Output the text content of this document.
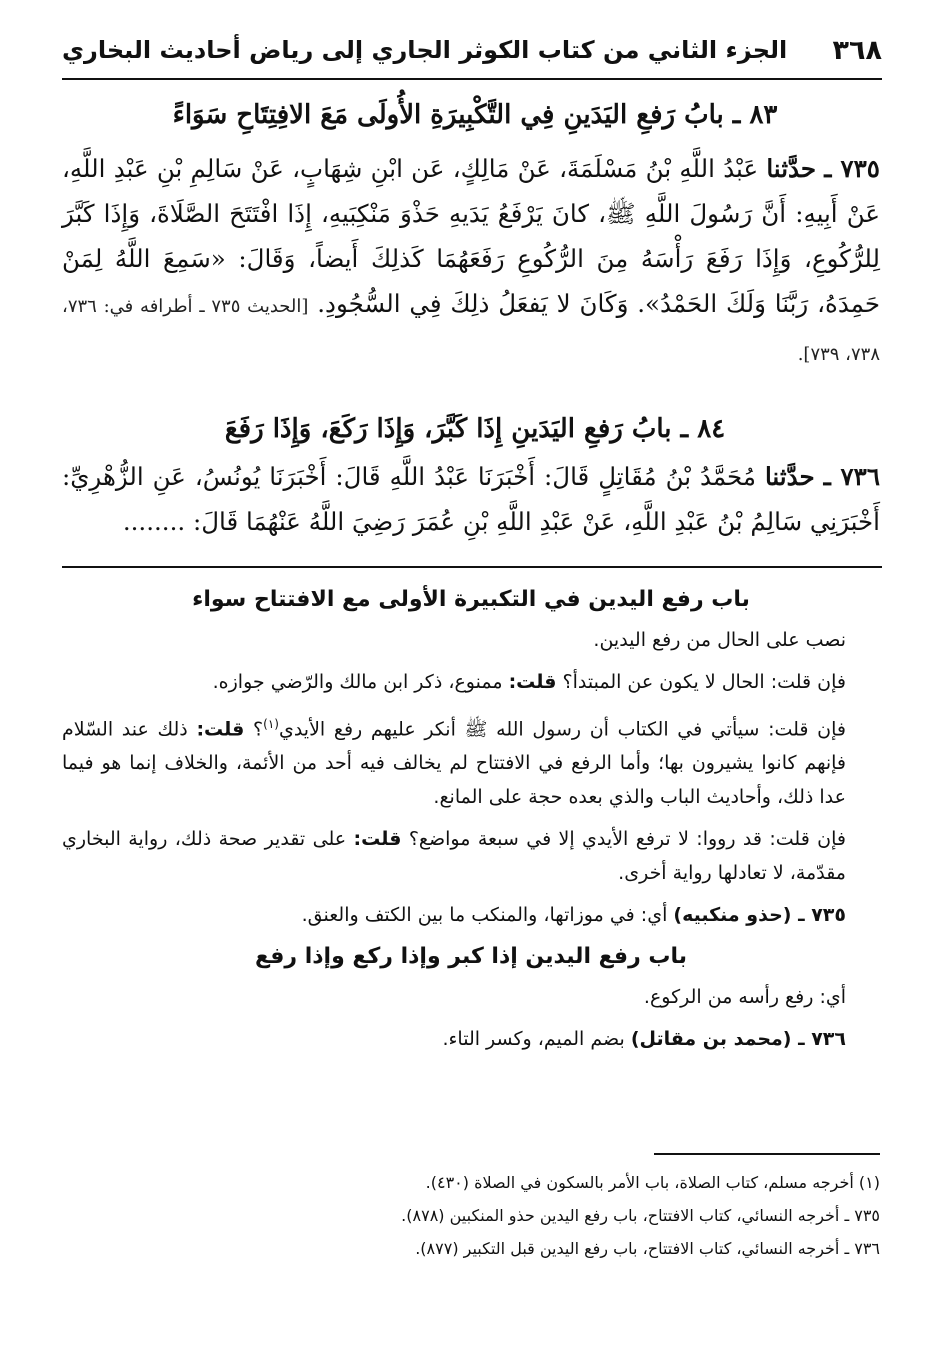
٣٦٨
الجزء الثاني من كتاب الكوثر الجاري إلى رياض أحاديث البخاري
٨٣ ـ بابُ رَفعِ اليَدَينِ فِي التَّكْبِيرَةِ الأُولَى مَعَ الافِتِتَاحِ سَوَاءً
٧٣٥ ـ حدَّثنا عَبْدُ اللَّهِ بْنُ مَسْلَمَةَ، عَنْ مَالِكٍ، عَن ابْنِ شِهَابٍ، عَنْ سَالِمِ بْنِ عَبْدِ اللَّهِ، عَنْ أَبِيهِ: أَنَّ رَسُولَ اللَّهِ ﷺ، كانَ يَرْفَعُ يَدَيهِ حَذْوَ مَنْكِبَيهِ، إِذَا افْتَتَحَ الصَّلَاةَ، وَإِذَا كَبَّرَ لِلرُّكُوعِ، وَإِذَا رَفَعَ رَأْسَهُ مِنَ الرُّكُوعِ رَفَعَهُمَا كَذلِكَ أَيضاً، وَقَالَ: «سَمِعَ اللَّهُ لِمَنْ حَمِدَهُ، رَبَّنَا وَلَكَ الحَمْدُ». وَكَانَ لا يَفعَلُ ذلِكَ فِي السُّجُودِ. [الحديث ٧٣٥ ـ أطرافه في: ٧٣٦، ٧٣٨، ٧٣٩].
٨٤ ـ بابُ رَفعِ اليَدَينِ إِذَا كَبَّرَ، وَإِذَا رَكَعَ، وَإِذَا رَفَعَ
٧٣٦ ـ حدَّثنا مُحَمَّدُ بْنُ مُقَاتِلٍ قَالَ: أَخْبَرَنَا عَبْدُ اللَّهِ قَالَ: أَخْبَرَنَا يُونُسُ، عَنِ الزُّهْرِيِّ: أَخْبَرَنِي سَالِمُ بْنُ عَبْدِ اللَّهِ، عَنْ عَبْدِ اللَّهِ بْنِ عُمَرَ رَضِيَ اللَّهُ عَنْهُمَا قَالَ: ........
باب رفع اليدين في التكبيرة الأولى مع الافتتاح سواء

نصب على الحال من رفع اليدين.

فإن قلت: الحال لا يكون عن المبتدأ؟ قلت: ممنوع، ذكر ابن مالك والرّضي جوازه.

فإن قلت: سيأتي في الكتاب أن رسول الله ﷺ أنكر عليهم رفع الأيدي$^{(١)}$؟ قلت: ذلك عند السّلام فإنهم كانوا يشيرون بها؛ وأما الرفع في الافتتاح لم يخالف فيه أحد من الأئمة، والخلاف إنما هو فيما عدا ذلك، وأحاديث الباب والذي بعده حجة على المانع.

فإن قلت: قد رووا: لا ترفع الأيدي إلا في سبعة مواضع؟ قلت: على تقدير صحة ذلك، رواية البخاري مقدّمة، لا تعادلها رواية أخرى.

٧٣٥ ـ (حذو منكبيه) أي: في موزاتها، والمنكب ما بين الكتف والعنق.

باب رفع اليدين إذا كبر وإذا ركع وإذا رفع

أي: رفع رأسه من الركوع.

٧٣٦ ـ (محمد بن مقاتل) بضم الميم، وكسر التاء.

(١) أخرجه مسلم، كتاب الصلاة، باب الأمر بالسكون في الصلاة (٤٣٠).
٧٣٥ ـ أخرجه النسائي، كتاب الافتتاح، باب رفع اليدين حذو المنكبين (٨٧٨).
٧٣٦ ـ أخرجه النسائي، كتاب الافتتاح، باب رفع اليدين قبل التكبير (٨٧٧).
